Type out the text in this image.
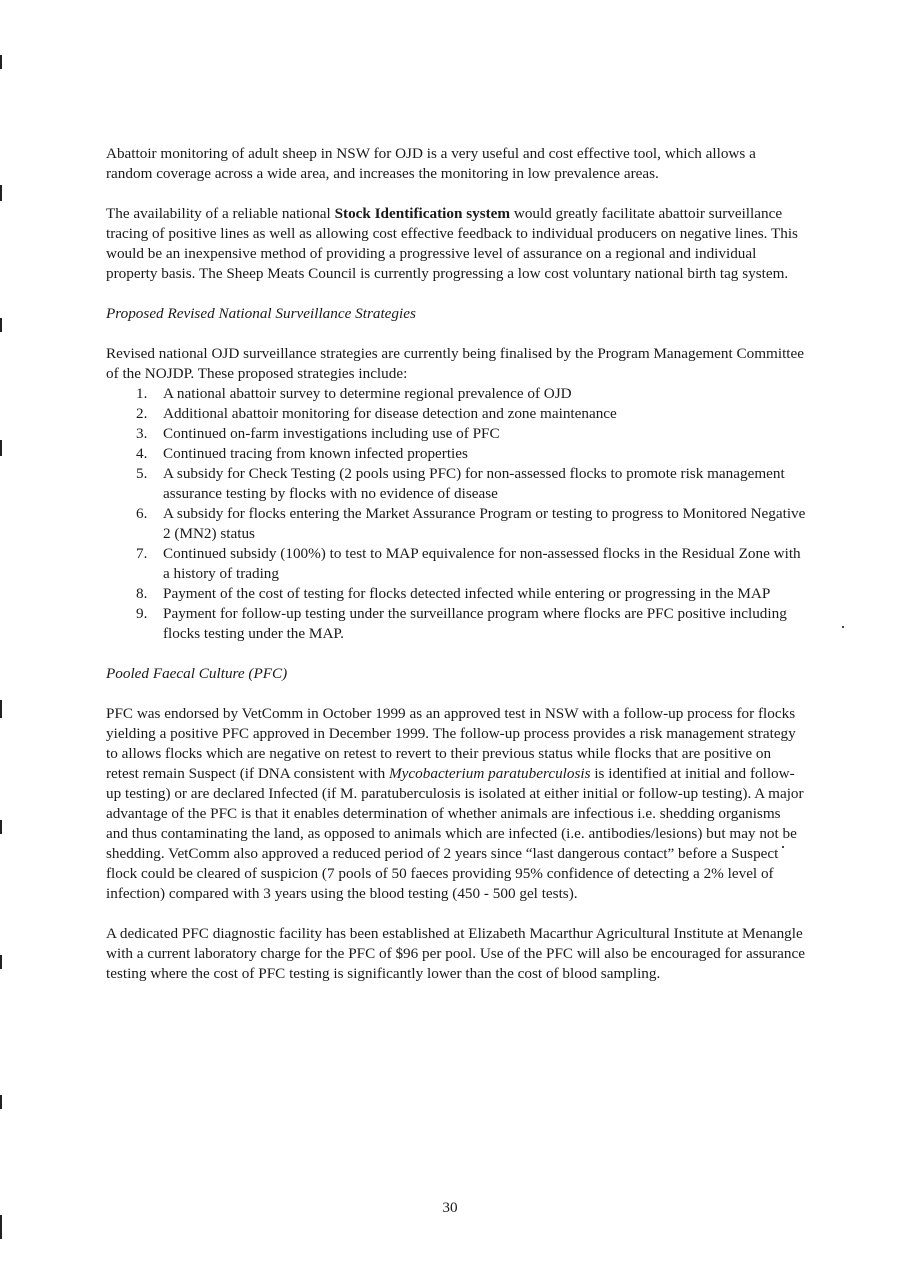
Abattoir monitoring of adult sheep in NSW for OJD is a very useful and cost effective tool, which allows a random coverage across a wide area, and increases the monitoring in low prevalence areas.

The availability of a reliable national Stock Identification system would greatly facilitate abattoir surveillance tracing of positive lines as well as allowing cost effective feedback to individual producers on negative lines. This would be an inexpensive method of providing a progressive level of assurance on a regional and individual property basis. The Sheep Meats Council is currently progressing a low cost voluntary national birth tag system.

Proposed Revised National Surveillance Strategies

Revised national OJD surveillance strategies are currently being finalised by the Program Management Committee of the NOJDP. These proposed strategies include:

1. A national abattoir survey to determine regional prevalence of OJD
2. Additional abattoir monitoring for disease detection and zone maintenance
3. Continued on-farm investigations including use of PFC
4. Continued tracing from known infected properties
5. A subsidy for Check Testing (2 pools using PFC) for non-assessed flocks to promote risk management assurance testing by flocks with no evidence of disease
6. A subsidy for flocks entering the Market Assurance Program or testing to progress to Monitored Negative 2 (MN2) status
7. Continued subsidy (100%) to test to MAP equivalence for non-assessed flocks in the Residual Zone with a history of trading
8. Payment of the cost of testing for flocks detected infected while entering or progressing in the MAP
9. Payment for follow-up testing under the surveillance program where flocks are PFC positive including flocks testing under the MAP.

Pooled Faecal Culture (PFC)

PFC was endorsed by VetComm in October 1999 as an approved test in NSW with a follow-up process for flocks yielding a positive PFC approved in December 1999. The follow-up process provides a risk management strategy to allows flocks which are negative on retest to revert to their previous status while flocks that are positive on retest remain Suspect (if DNA consistent with Mycobacterium paratuberculosis is identified at initial and follow-up testing) or are declared Infected (if M. paratuberculosis is isolated at either initial or follow-up testing). A major advantage of the PFC is that it enables determination of whether animals are infectious i.e. shedding organisms and thus contaminating the land, as opposed to animals which are infected (i.e. antibodies/lesions) but may not be shedding. VetComm also approved a reduced period of 2 years since “last dangerous contact” before a Suspect flock could be cleared of suspicion (7 pools of 50 faeces providing 95% confidence of detecting a 2% level of infection) compared with 3 years using the blood testing (450 - 500 gel tests).

A dedicated PFC diagnostic facility has been established at Elizabeth Macarthur Agricultural Institute at Menangle with a current laboratory charge for the PFC of $96 per pool. Use of the PFC will also be encouraged for assurance testing where the cost of PFC testing is significantly lower than the cost of blood sampling.

30
